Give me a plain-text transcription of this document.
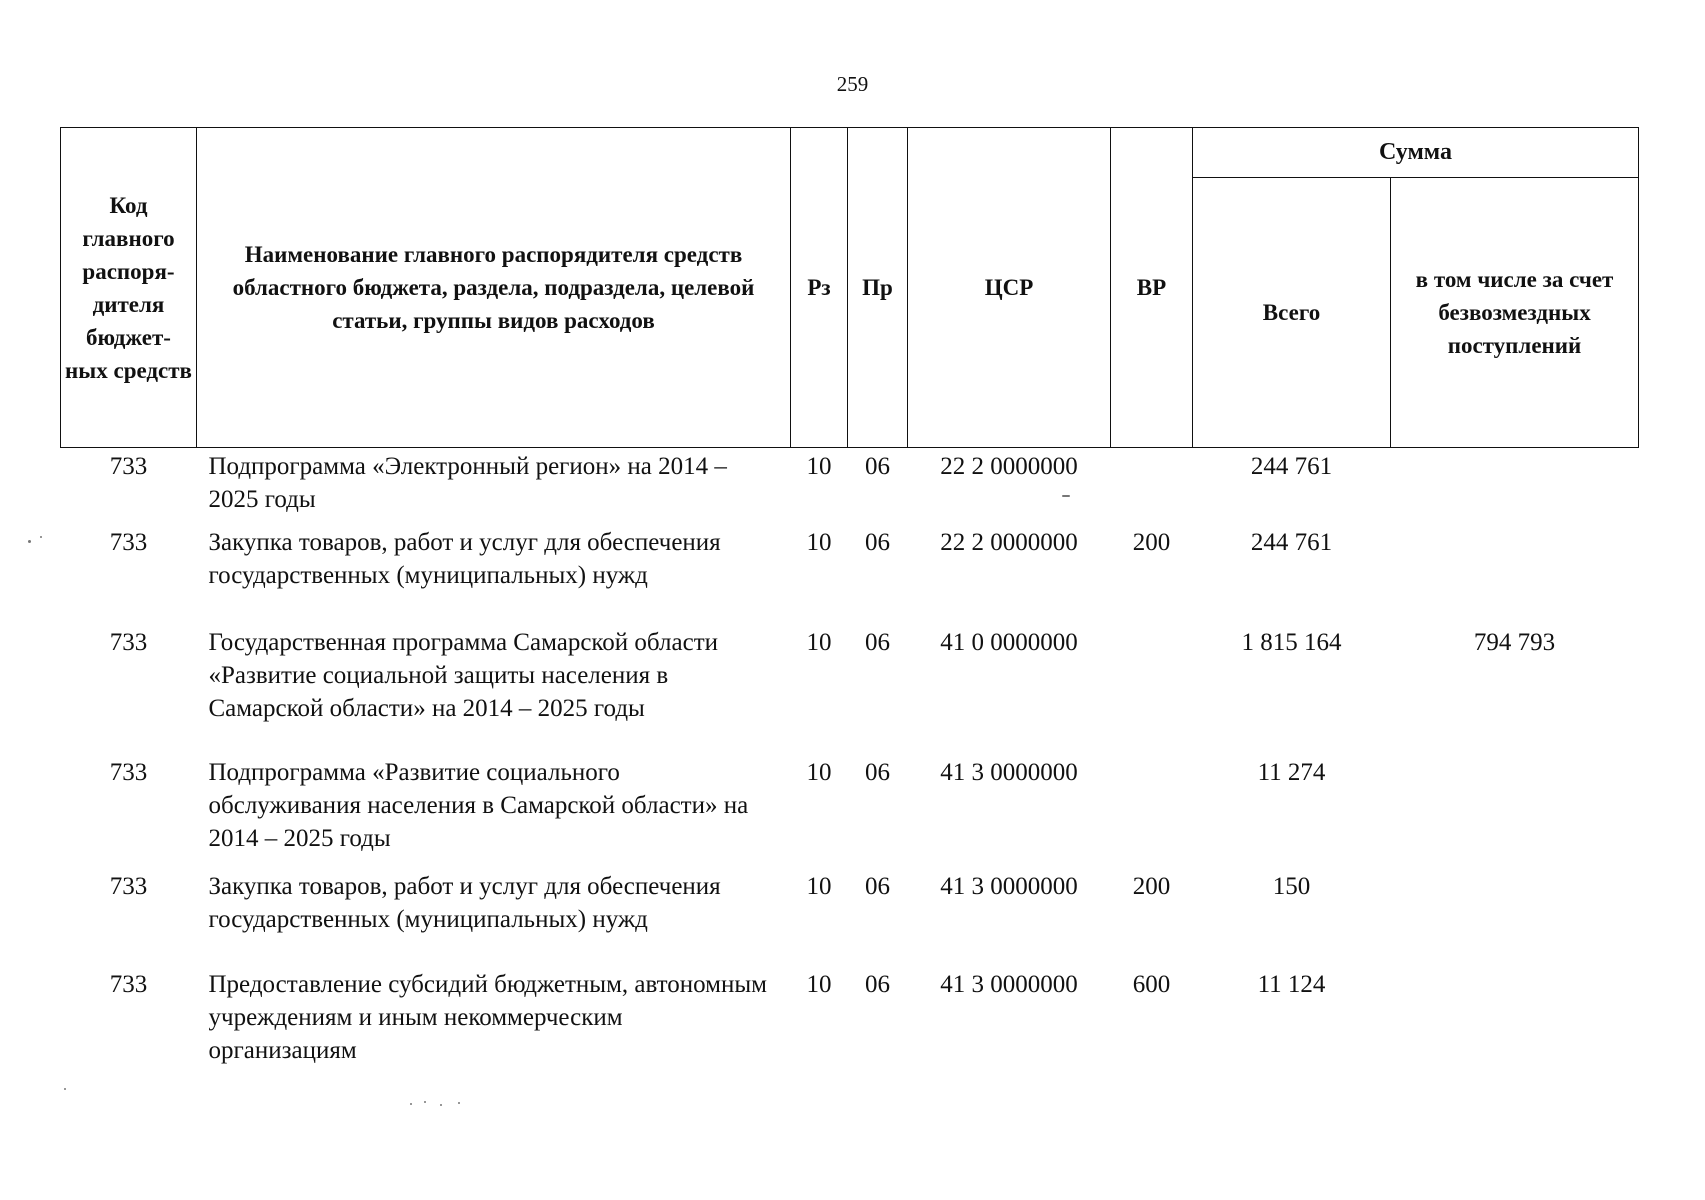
259
Код главного распоря-дителя бюджет-ных средств	Наименование главного распорядителя средств областного бюджета, раздела, подраздела, целевой статьи, группы видов расходов	Рз	Пр	ЦСР	ВР	Сумма	
						Всего	в том числе за счет безвозмездных поступлений
733	Подпрограмма «Электронный регион» на 2014 – 2025 годы	10	06	22 2 0000000		244 761	
733	Закупка товаров, работ и услуг для обеспечения государственных (муниципальных) нужд	10	06	22 2 0000000	200	244 761	
733	Государственная программа Самарской области «Развитие социальной защиты населения в Самарской области» на 2014 – 2025 годы	10	06	41 0 0000000		1 815 164	794 793
733	Подпрограмма «Развитие социального обслуживания населения в Самарской области» на 2014 – 2025 годы	10	06	41 3 0000000		11 274	
733	Закупка товаров, работ и услуг для обеспечения государственных (муниципальных) нужд	10	06	41 3 0000000	200	150	
733	Предоставление субсидий бюджетным, автономным учреждениям и иным некоммерческим организациям	10	06	41 3 0000000	600	11 124	
